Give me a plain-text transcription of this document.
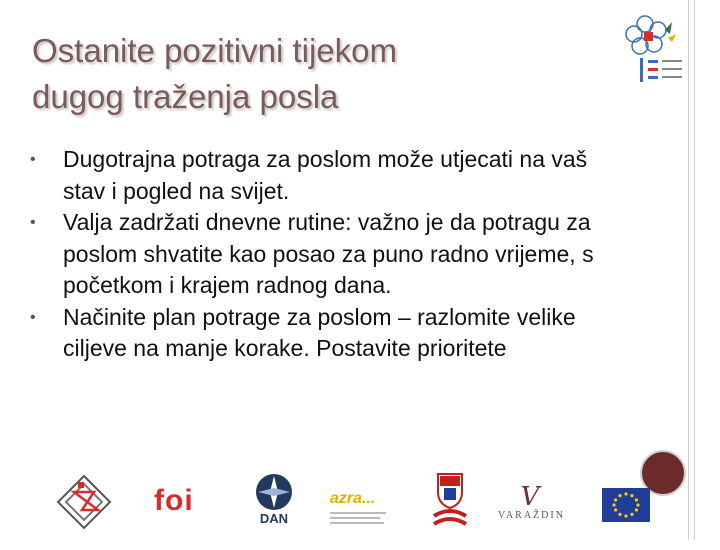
Ostanite pozitivni tijekom
dugog traženja posla
• Dugotrajna potraga za poslom može utjecati na vaš stav i pogled na svijet.
• Valja zadržati dnevne rutine: važno je da potragu za poslom shvatite kao posao za puno radno vrijeme, s početkom i krajem radnog dana.
• Načinite plan potrage za poslom – razlomite velike ciljeve na manje korake. Postavite prioritete
foi
DAN
azra...	V
VARAŽDIN
